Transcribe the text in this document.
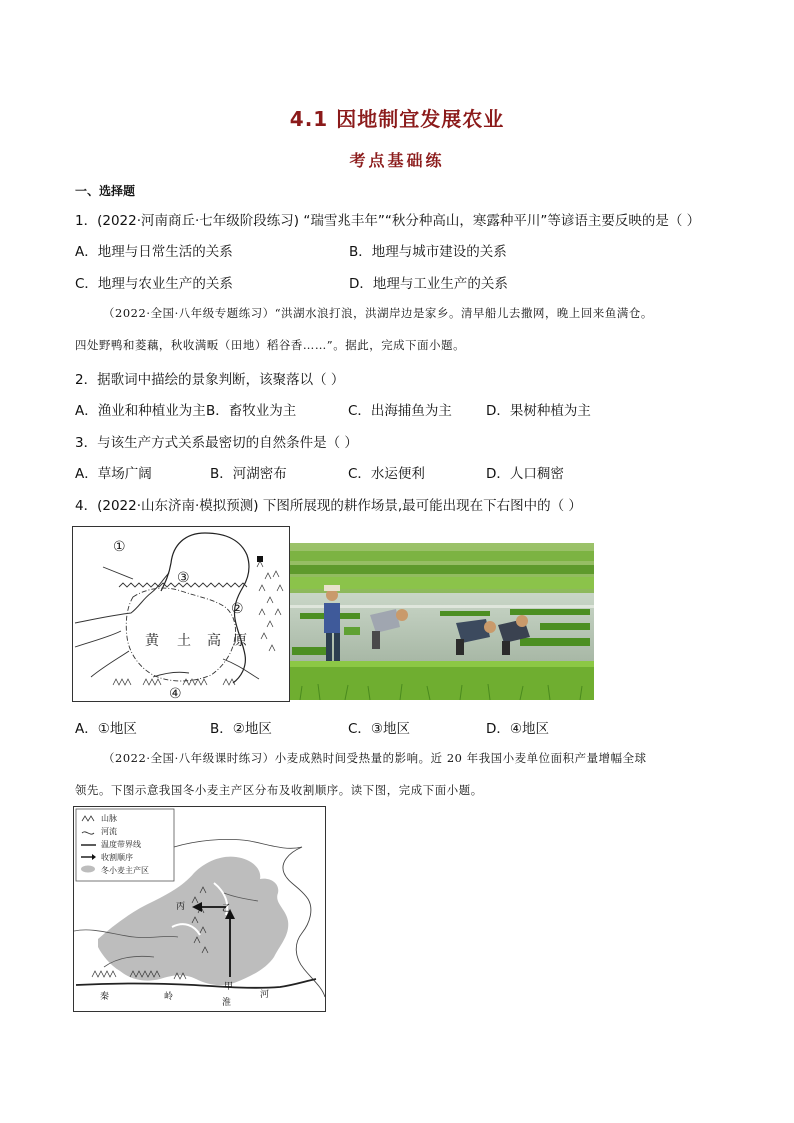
4.1 因地制宜发展农业
考点基础练
一、选择题
1．(2022·河南商丘·七年级阶段练习) “瑞雪兆丰年”“秋分种高山，寒露种平川”等谚语主要反映的是（ ）
A．地理与日常生活的关系	B．地理与城市建设的关系
C．地理与农业生产的关系	D．地理与工业生产的关系
（2022·全国·八年级专题练习）“洪湖水浪打浪，洪湖岸边是家乡。清早船儿去撒网，晚上回来鱼满仓。
四处野鸭和菱藕，秋收满畈（田地）稻谷香……”。据此，完成下面小题。
2．据歌词中描绘的景象判断，该聚落以（ ）
A．渔业和种植业为主 B．畜牧业为主	C．出海捕鱼为主	D．果树种植为主
3．与该生产方式关系最密切的自然条件是（ ）
A．草场广阔	B．河湖密布	C．水运便利	D．人口稠密
4．(2022·山东济南·模拟预测) 下图所展现的耕作场景,最可能出现在下右图中的（ ）
①
②
③
④
黄 土 高 原
A．①地区	B．②地区	C．③地区	D．④地区
（2022·全国·八年级课时练习）小麦成熟时间受热量的影响。近 20 年我国小麦单位面积产量增幅全球
领先。下图示意我国冬小麦主产区分布及收割顺序。读下图，完成下面小题。
山脉
河流
温度带界线
收割顺序
冬小麦主产区
丙	乙
甲
秦	岭
淮
河
